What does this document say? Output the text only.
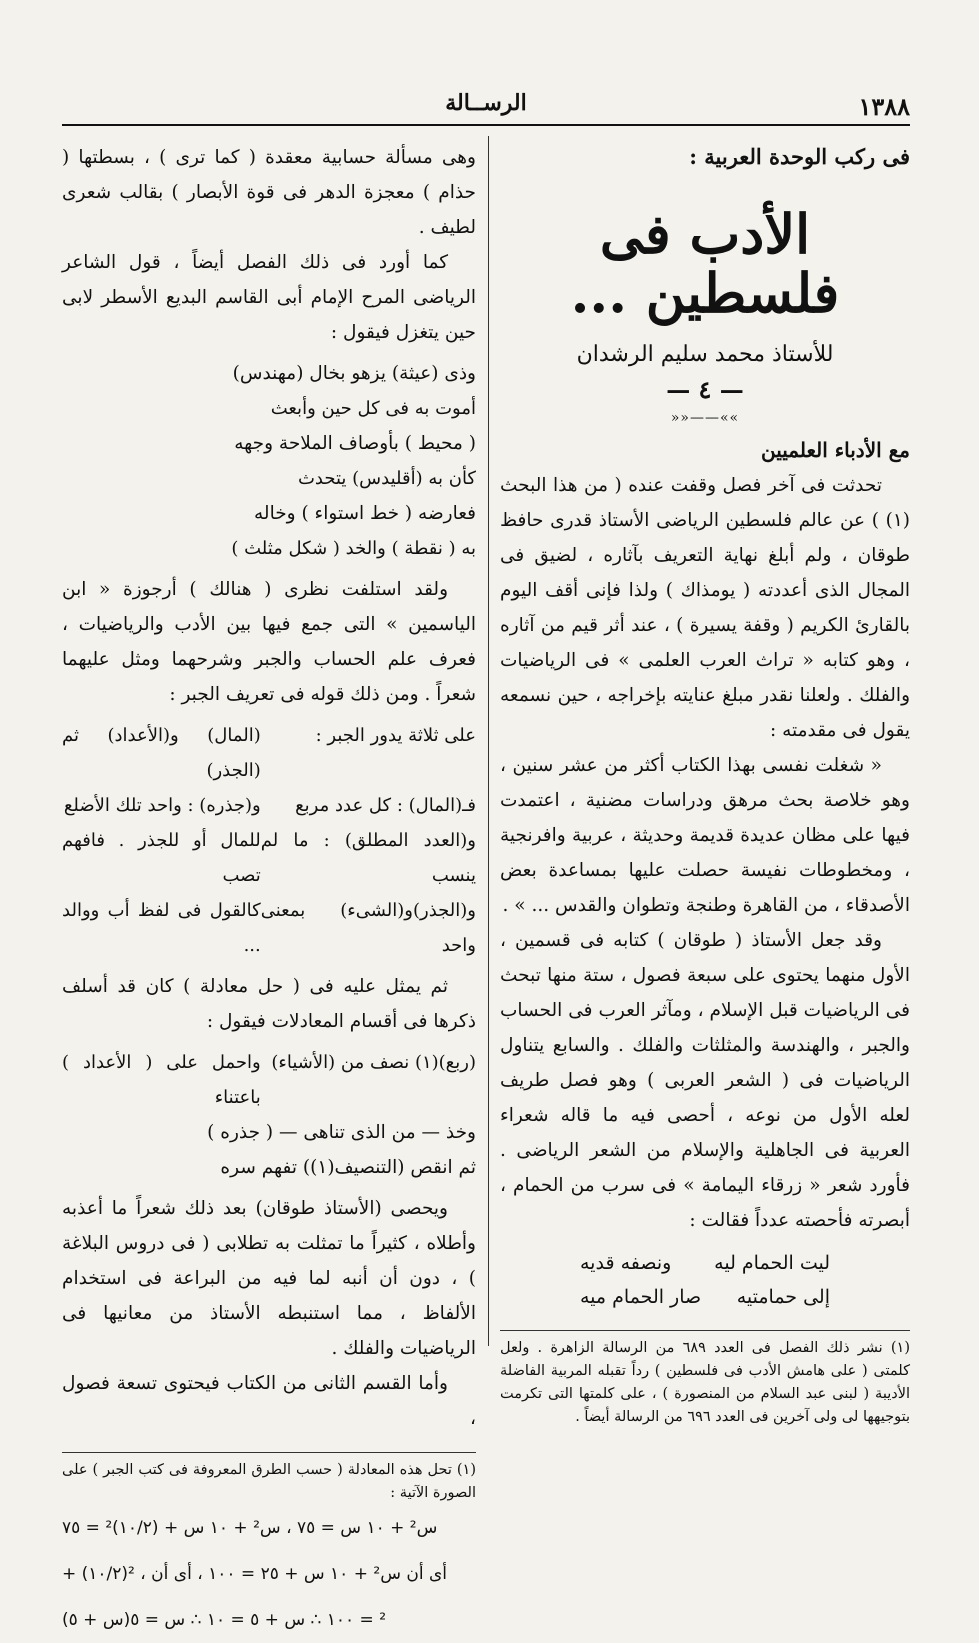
١٣٨٨
الرســالة
فى ركب الوحدة العربية :
الأدب فى فلسطين ...
للأستاذ محمد سليم الرشدان
— ٤ —
»»——««
مع الأدباء العلميين

تحدثت فى آخر فصل وقفت عنده ( من هذا البحث (١) ) عن عالم فلسطين الرياضى الأستاذ قدرى حافظ طوقان ، ولم أبلغ نهاية التعريف بآثاره ، لضيق فى المجال الذى أعددته ( يومذاك ) ولذا فإنى أقف اليوم بالقارئ الكريم ( وقفة يسيرة ) ، عند أثر قيم من آثاره ، وهو كتابه « تراث العرب العلمى » فى الرياضيات والفلك . ولعلنا نقدر مبلغ عنايته بإخراجه ، حين نسمعه يقول فى مقدمته :

« شغلت نفسى بهذا الكتاب أكثر من عشر سنين ، وهو خلاصة بحث مرهق ودراسات مضنية ، اعتمدت فيها على مظان عديدة قديمة وحديثة ، عربية وافرنجية ، ومخطوطات نفيسة حصلت عليها بمساعدة بعض الأصدقاء ، من القاهرة وطنجة وتطوان والقدس ... » .

وقد جعل الأستاذ ( طوقان ) كتابه فى قسمين ، الأول منهما يحتوى على سبعة فصول ، ستة منها تبحث فى الرياضيات قبل الإسلام ، ومآثر العرب فى الحساب والجبر ، والهندسة والمثلثات والفلك . والسابع يتناول الرياضيات فى ( الشعر العربى ) وهو فصل طريف لعله الأول من نوعه ، أحصى فيه ما قاله شعراء العربية فى الجاهلية والإسلام من الشعر الرياضى . فأورد شعر « زرقاء اليمامة » فى سرب من الحمام ، أبصرته فأحصته عدداً فقالت :

ليت الحمام ليه
ونصفه قديه
إلى حمامتيه
صار الحمام ميه

(١) نشر ذلك الفصل فى العدد ٦٨٩ من الرسالة الزاهرة . ولعل كلمتى ( على هامش الأدب فى فلسطين ) رداً تقبله المربية الفاضلة الأديبة ( لبنى عبد السلام من المنصورة ) ، على كلمتها التى تكرمت بتوجيهها لى ولى آخرين فى العدد ٦٩٦ من الرسالة أيضاً .

وهى مسألة حسابية معقدة ( كما ترى ) ، بسطتها ( حذام ) معجزة الدهر فى قوة الأبصار ) بقالب شعرى لطيف .

كما أورد فى ذلك الفصل أيضاً ، قول الشاعر الرياضى المرح الإمام أبى القاسم البديع الأسطر لابى حين يتغزل فيقول :

وذى (عيثة) يزهو بخال (مهندس)

أموت به فى كل حين وأبعث

( محيط ) بأوصاف الملاحة وجهه

كأن به (أقليدس) يتحدث

فعارضه ( خط استواء ) وخاله

به ( نقطة ) والخد ( شكل مثلث )

ولقد استلفت نظرى ( هنالك ) أرجوزة « ابن الياسمين » التى جمع فيها بين الأدب والرياضيات ، فعرف علم الحساب والجبر وشرحهما ومثل عليهما شعراً . ومن ذلك قوله فى تعريف الجبر :

على ثلاثة يدور الجبر :
(المال) و(الأعداد) ثم (الجذر)
فـ(المال) : كل عدد مربع
و(جذره) : واحد تلك الأضلع
و(العدد المطلق) : ما لم ينسب
للمال أو للجذر . فافهم تصب
و(الجذر)و(الشىء) بمعنى واحد
كالقول فى لفظ أب ووالد ...

ثم يمثل عليه فى ( حل معادلة ) كان قد أسلف ذكرها فى أقسام المعادلات فيقول :

(ربع)(١) نصف من (الأشياء)
واحمل على ( الأعداد ) باعتناء

وخذ — من الذى تناهى — ( جذره )

ثم انقص (التنصيف(١)) تفهم سره

ويحصى (الأستاذ طوقان) بعد ذلك شعراً ما أعذبه وأطلاه ، كثيراً ما تمثلت به تطلابى ( فى دروس البلاغة ) ، دون أن أنبه لما فيه من البراعة فى استخدام الألفاظ ، مما استنبطه الأستاذ من معانيها فى الرياضيات والفلك .

وأما القسم الثانى من الكتاب فيحتوى تسعة فصول ،

(١) تحل هذه المعادلة ( حسب الطرق المعروفة فى كتب الجبر ) على الصورة الآتية :

س² + ١٠ س = ٧٥ ، س² + ١٠ س + (١٠/٢)² = ٧٥

+ (١٠/٢)² ، أى أن س² + ١٠ س + ٢٥ = ١٠٠ ، أى أن

(س + ٥)² = ١٠٠ ∴ س + ٥ = ١٠ ∴ س = ٥
